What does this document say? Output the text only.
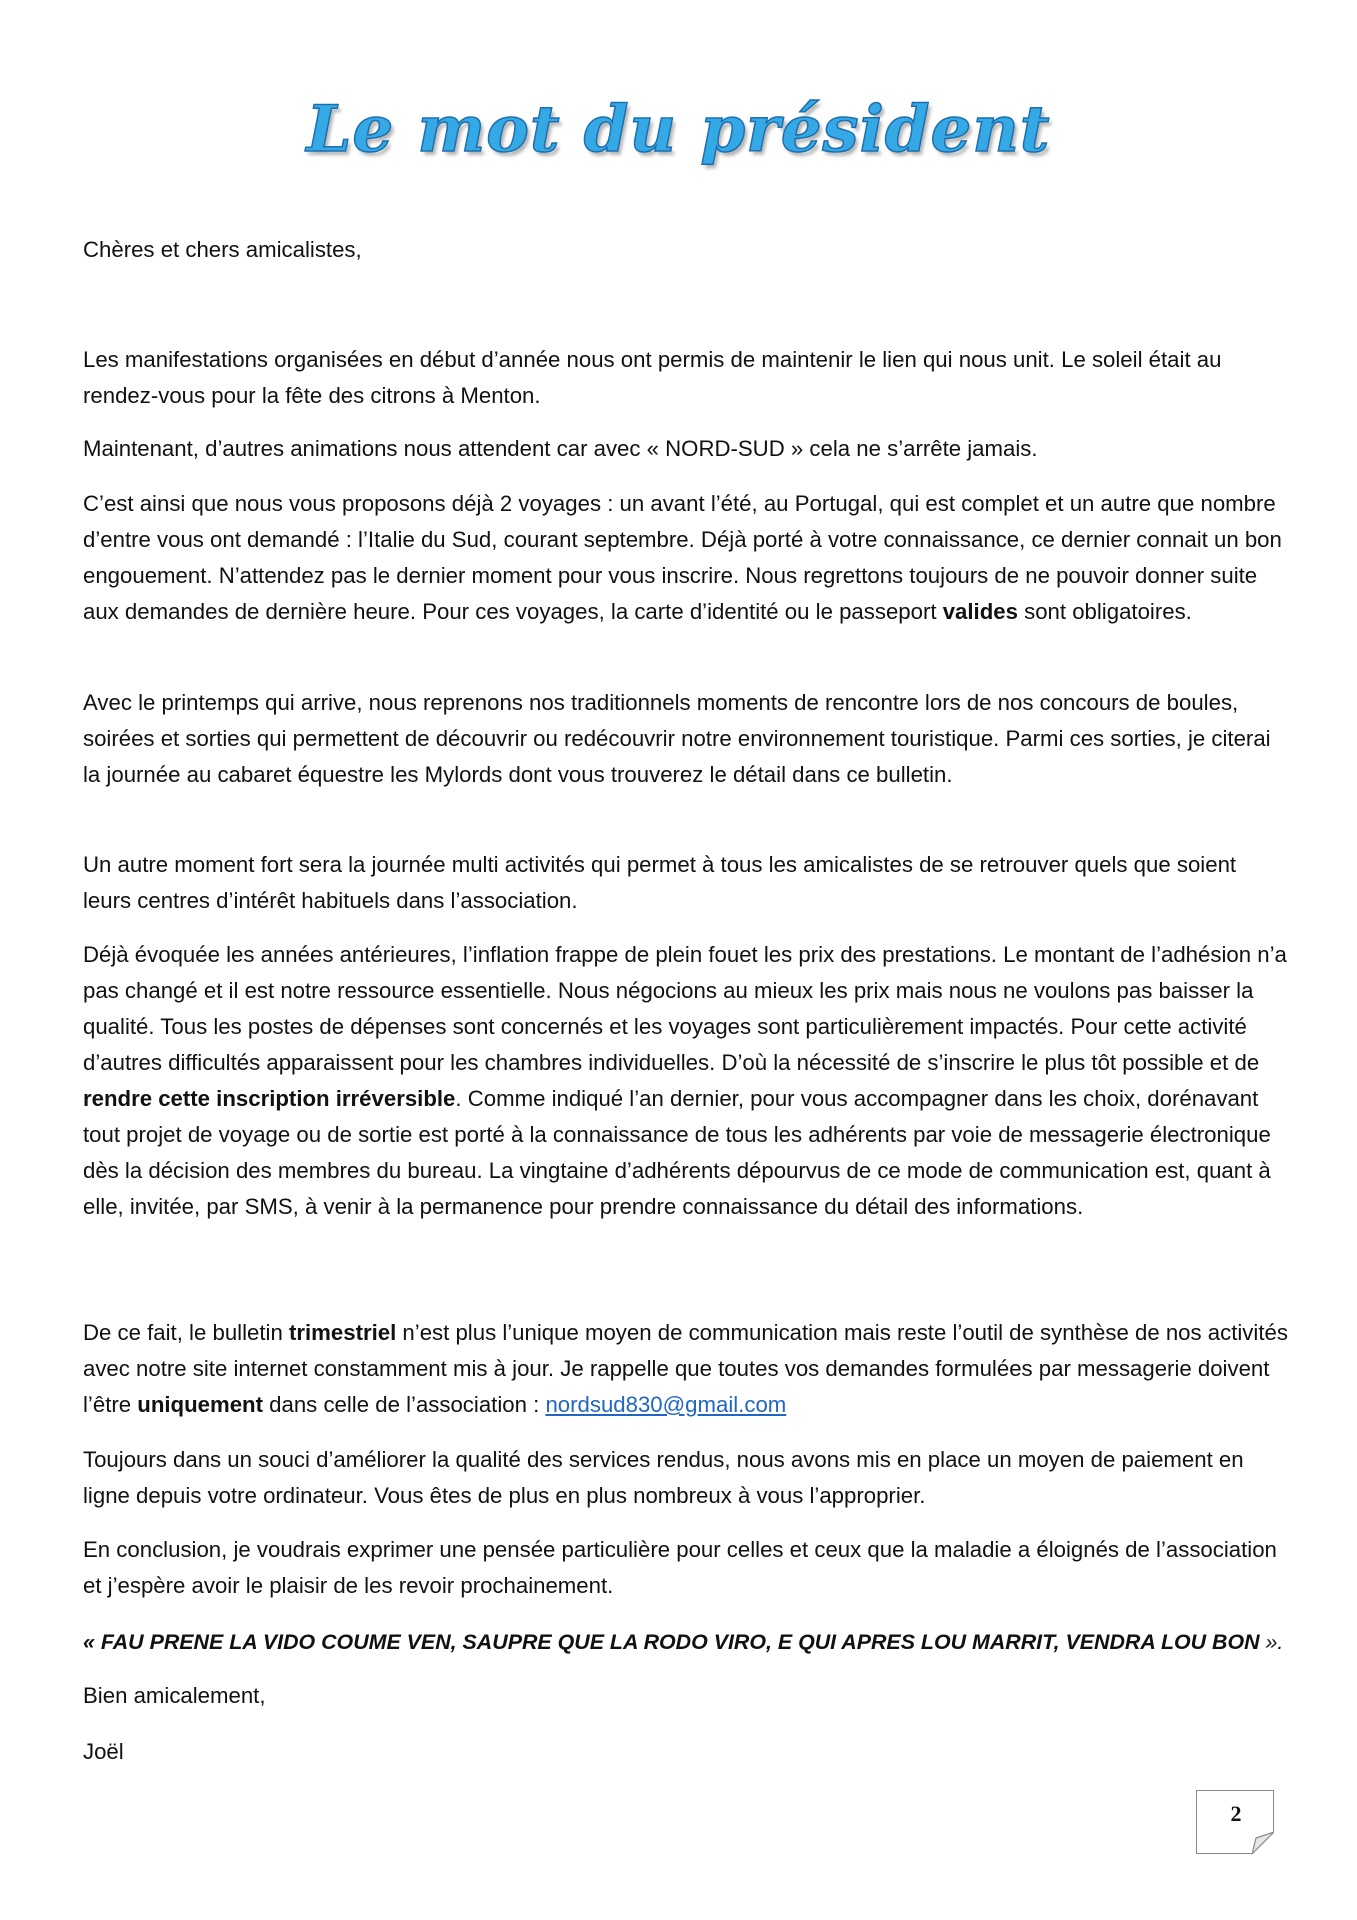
Le mot du président

Chères et chers amicalistes,

Les manifestations organisées en début d’année nous ont permis de maintenir le lien qui nous unit. Le soleil était au rendez-vous pour la fête des citrons à Menton.

Maintenant, d’autres animations nous attendent car avec « NORD-SUD » cela ne s’arrête jamais.

C’est ainsi que nous vous proposons déjà 2 voyages : un avant l’été, au Portugal, qui est complet et un autre que nombre d’entre vous ont demandé : l’Italie du Sud, courant septembre. Déjà porté à votre connaissance, ce dernier connait un bon engouement. N’attendez pas le dernier moment pour vous inscrire. Nous regrettons toujours de ne pouvoir donner suite aux demandes de dernière heure. Pour ces voyages, la carte d’identité ou le passeport valides sont obligatoires.

Avec le printemps qui arrive, nous reprenons nos traditionnels moments de rencontre lors de nos concours de boules, soirées et sorties qui permettent de découvrir ou redécouvrir notre environnement touristique. Parmi ces sorties, je citerai la journée au cabaret équestre les Mylords dont vous trouverez le détail dans ce bulletin.

Un autre moment fort sera la journée multi activités qui permet à tous les amicalistes de se retrouver quels que soient leurs centres d’intérêt habituels dans l’association.

Déjà évoquée les années antérieures, l’inflation frappe de plein fouet les prix des prestations. Le montant de l’adhésion n’a pas changé et il est notre ressource essentielle. Nous négocions au mieux les prix mais nous ne voulons pas baisser la qualité. Tous les postes de dépenses sont concernés et les voyages sont particulièrement impactés. Pour cette activité d’autres difficultés apparaissent pour les chambres individuelles. D’où la nécessité de s’inscrire le plus tôt possible et de rendre cette inscription irréversible. Comme indiqué l’an dernier, pour vous accompagner dans les choix, dorénavant tout projet de voyage ou de sortie est porté à la connaissance de tous les adhérents par voie de messagerie électronique dès la décision des membres du bureau. La vingtaine d’adhérents dépourvus de ce mode de communication est, quant à elle, invitée, par SMS, à venir à la permanence pour prendre connaissance du détail des informations.

De ce fait, le bulletin trimestriel n’est plus l’unique moyen de communication mais reste l’outil de synthèse de nos activités avec notre site internet constamment mis à jour. Je rappelle que toutes vos demandes formulées par messagerie doivent l’être uniquement dans celle de l’association : nordsud830@gmail.com

Toujours dans un souci d’améliorer la qualité des services rendus, nous avons mis en place un moyen de paiement en ligne depuis votre ordinateur. Vous êtes de plus en plus nombreux à vous l’approprier.

En conclusion, je voudrais exprimer une pensée particulière pour celles et ceux que la maladie a éloignés de l’association et j’espère avoir le plaisir de les revoir prochainement.

« FAU PRENE LA VIDO COUME VEN, SAUPRE QUE LA RODO VIRO, E QUI APRES LOU MARRIT, VENDRA LOU BON ».

Bien amicalement,

Joël

2
